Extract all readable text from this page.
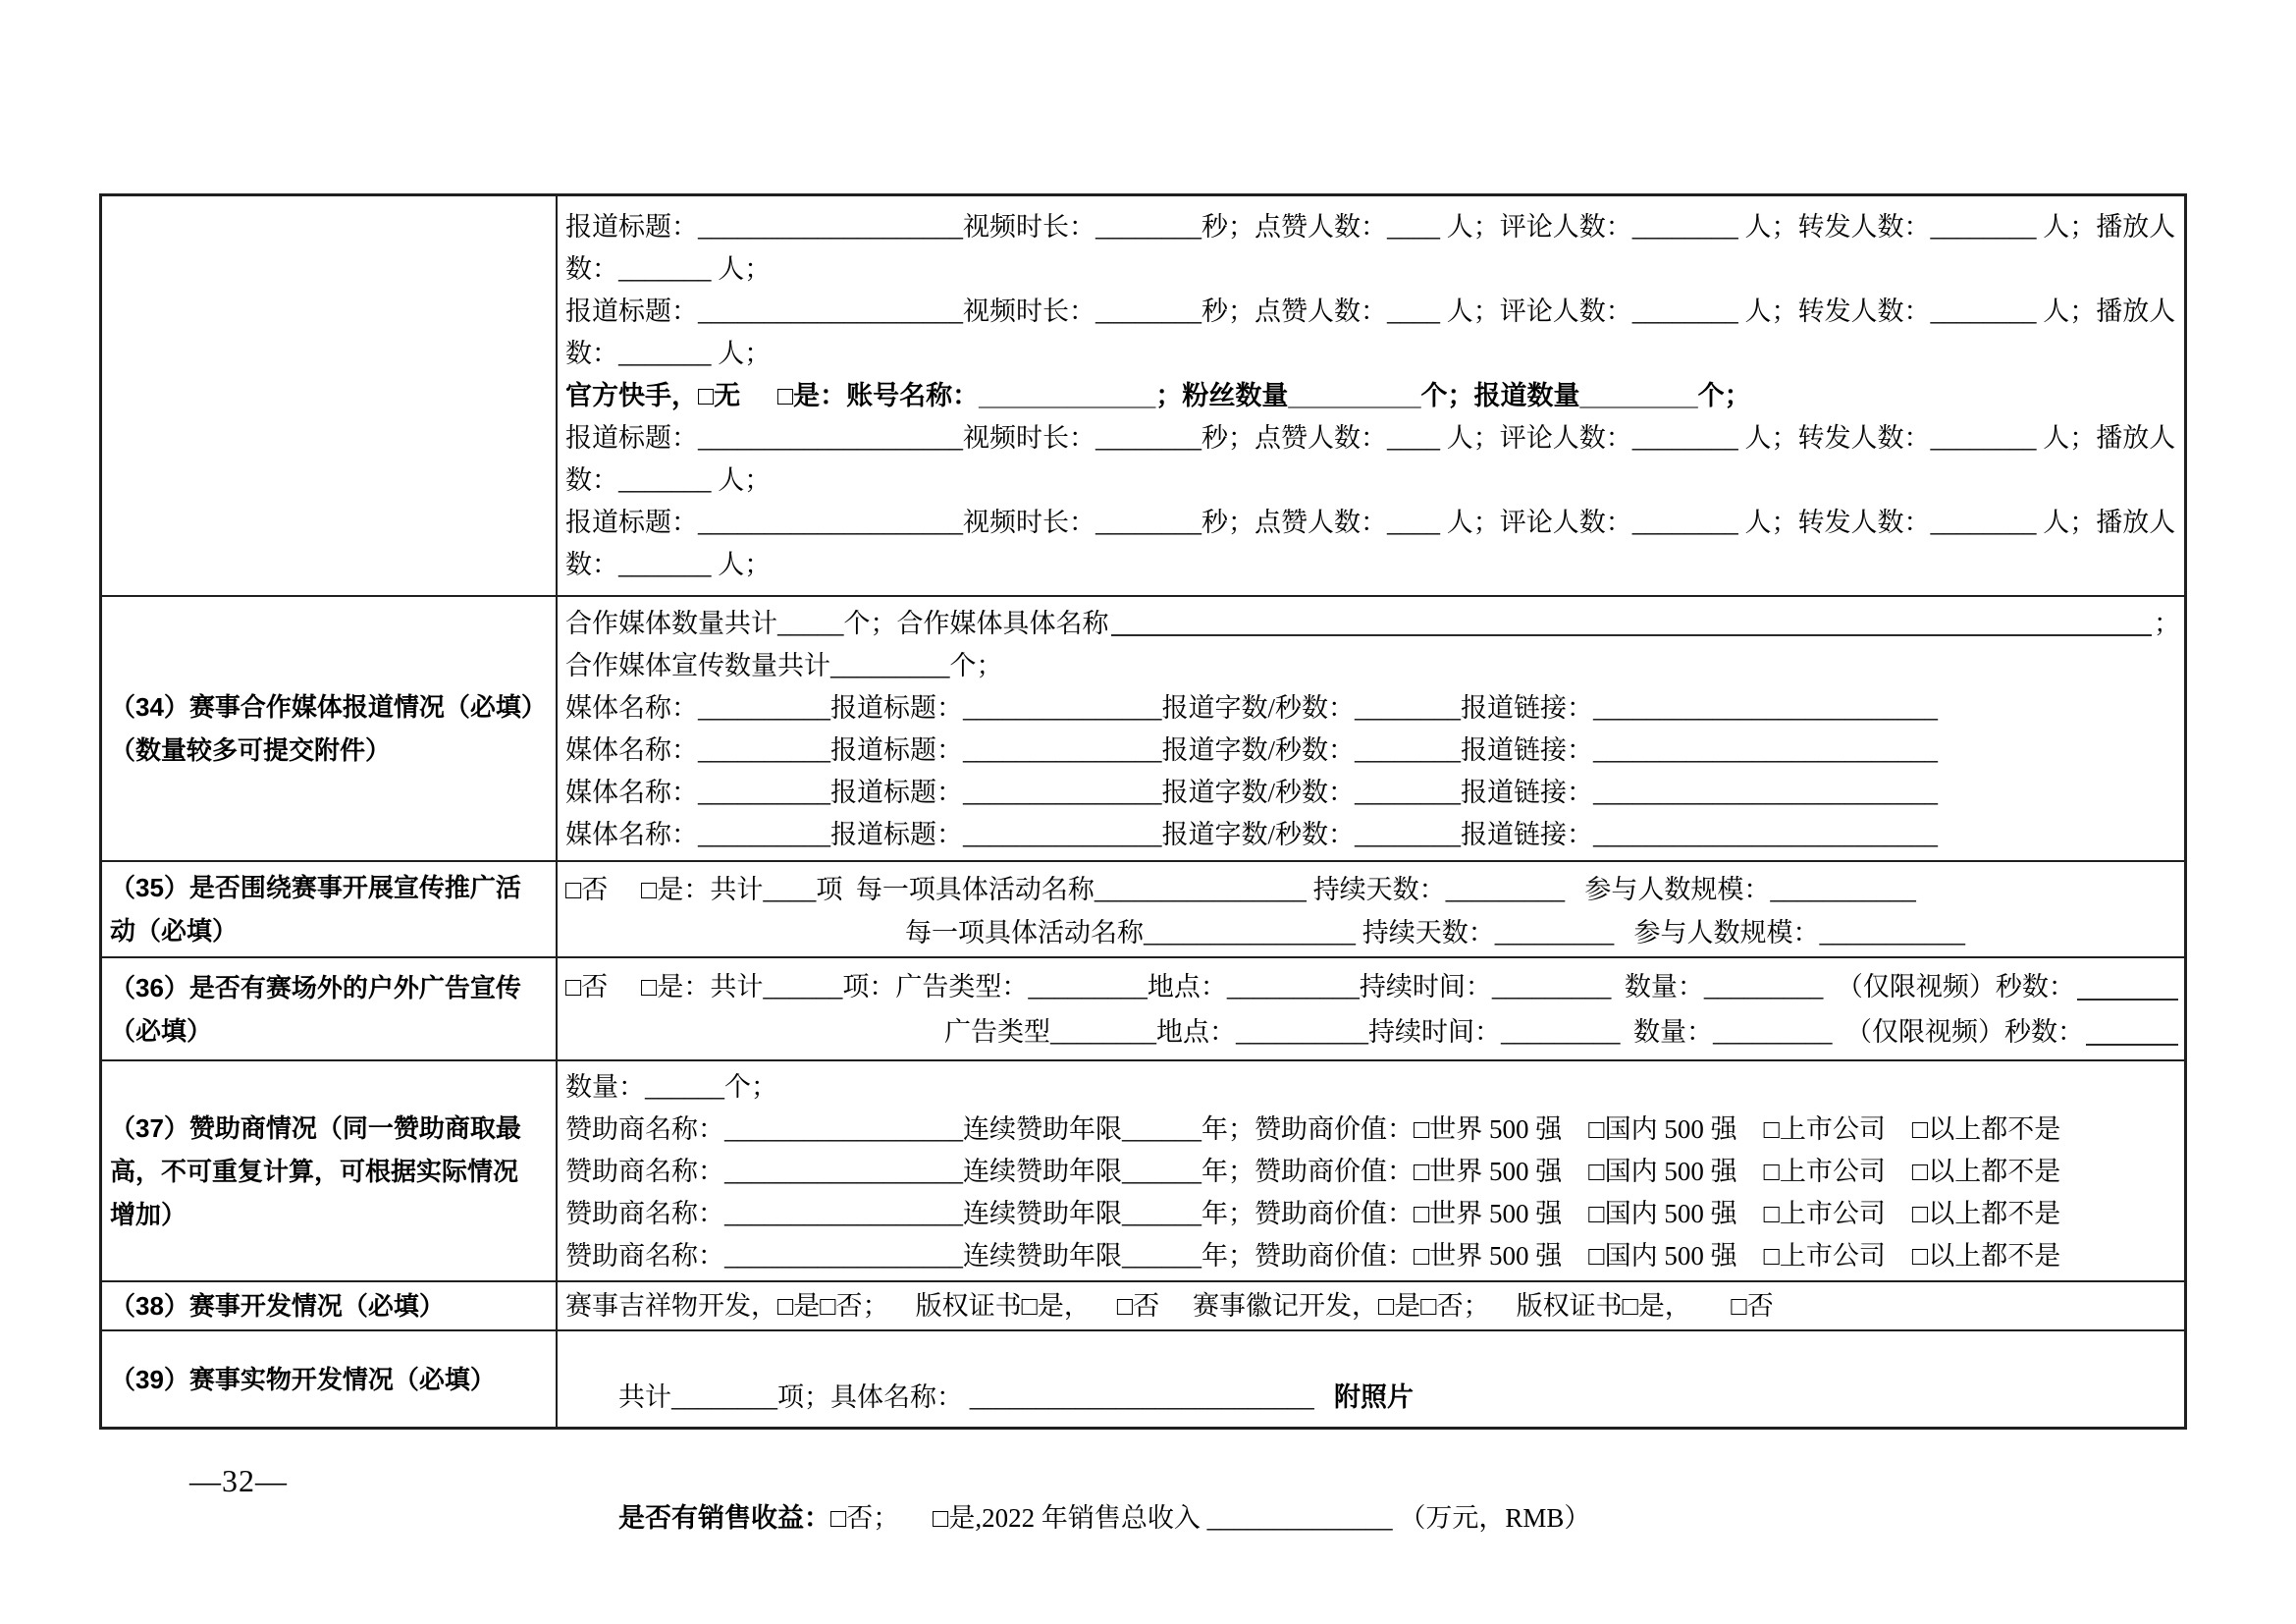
报道标题：____________________视频时长：________秒；点赞人数：____ 人；评论人数：________ 人；转发人数：________ 人；播放人
数：_______ 人；
报道标题：____________________视频时长：________秒；点赞人数：____ 人；评论人数：________ 人；转发人数：________ 人；播放人
数：_______ 人；
官方快手，□无     □是：账号名称：____________；粉丝数量_________个；报道数量________个；
报道标题：____________________视频时长：________秒；点赞人数：____ 人；评论人数：________ 人；转发人数：________ 人；播放人
数：_______ 人；
报道标题：____________________视频时长：________秒；点赞人数：____ 人；评论人数：________ 人；转发人数：________ 人；播放人
数：_______ 人；
（34）赛事合作媒体报道情况（必填）
（数量较多可提交附件）
合作媒体数量共计_____个；合作媒体具体名称	；
合作媒体宣传数量共计_________个；
媒体名称：__________报道标题：_______________报道字数/秒数：________报道链接：__________________________
媒体名称：__________报道标题：_______________报道字数/秒数：________报道链接：__________________________
媒体名称：__________报道标题：_______________报道字数/秒数：________报道链接：__________________________
媒体名称：__________报道标题：_______________报道字数/秒数：________报道链接：__________________________
（35）是否围绕赛事开展宣传推广活
动（必填）
□否     □是：共计____项  每一项具体活动名称________________ 持续天数：_________   参与人数规模：___________
每一项具体活动名称________________ 持续天数：_________   参与人数规模：___________
（36）是否有赛场外的户外广告宣传
（必填）
□否     □是：共计______项：广告类型：_________地点：__________持续时间：_________  数量：_________  （仅限视频）秒数：
广告类型________地点：__________持续时间：_________  数量：_________  （仅限视频）秒数：
（37）赞助商情况（同一赞助商取最
高，不可重复计算，可根据实际情况
增加）
数量：______个；
赞助商名称：__________________连续赞助年限______年；赞助商价值：□世界 500 强    □国内 500 强    □上市公司    □以上都不是
赞助商名称：__________________连续赞助年限______年；赞助商价值：□世界 500 强    □国内 500 强    □上市公司    □以上都不是
赞助商名称：__________________连续赞助年限______年；赞助商价值：□世界 500 强    □国内 500 强    □上市公司    □以上都不是
赞助商名称：__________________连续赞助年限______年；赞助商价值：□世界 500 强    □国内 500 强    □上市公司    □以上都不是
（38）赛事开发情况（必填）	赛事吉祥物开发，□是□否；    版权证书□是，    □否     赛事徽记开发，□是□否；    版权证书□是，      □否
（39）赛事实物开发情况（必填）

共计________项；具体名称： __________________________   附照片

是否有销售收益：□否；     □是,2022 年销售总收入 ______________ （万元，RMB）

—32—
